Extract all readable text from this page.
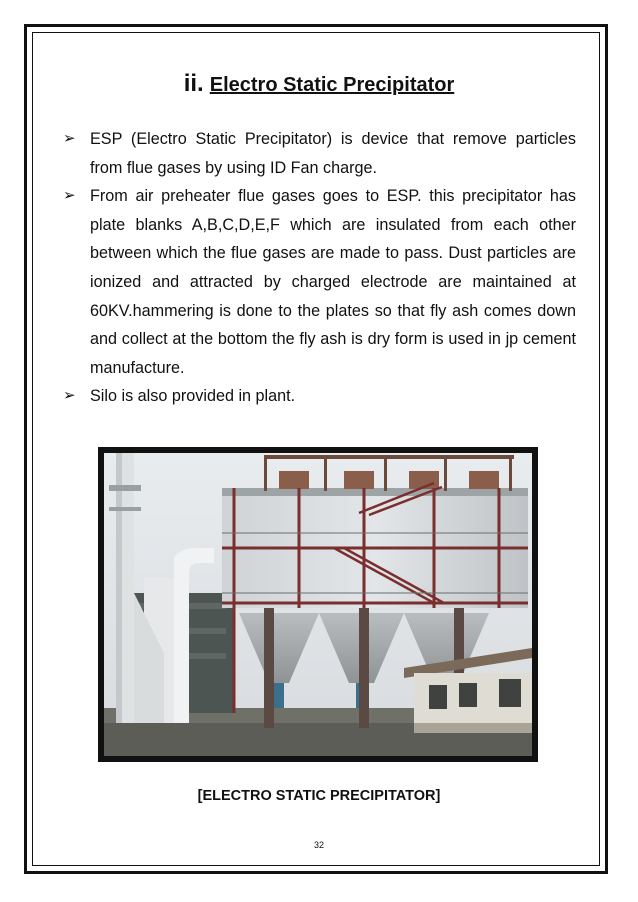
ii. Electro Static Precipitator
➢ ESP (Electro Static Precipitator) is device that remove particles from flue gases by using ID Fan charge.
➢ From air preheater flue gases goes to ESP. this precipitator has plate blanks A,B,C,D,E,F which are insulated from each other between which the flue gases are made to pass. Dust particles are ionized and attracted by charged electrode are maintained at 60KV.hammering is done to the plates so that fly ash comes down and collect at the bottom the fly ash is dry form is used in jp cement manufacture.
➢ Silo is also provided in plant.
[ELECTRO STATIC PRECIPITATOR]
32
